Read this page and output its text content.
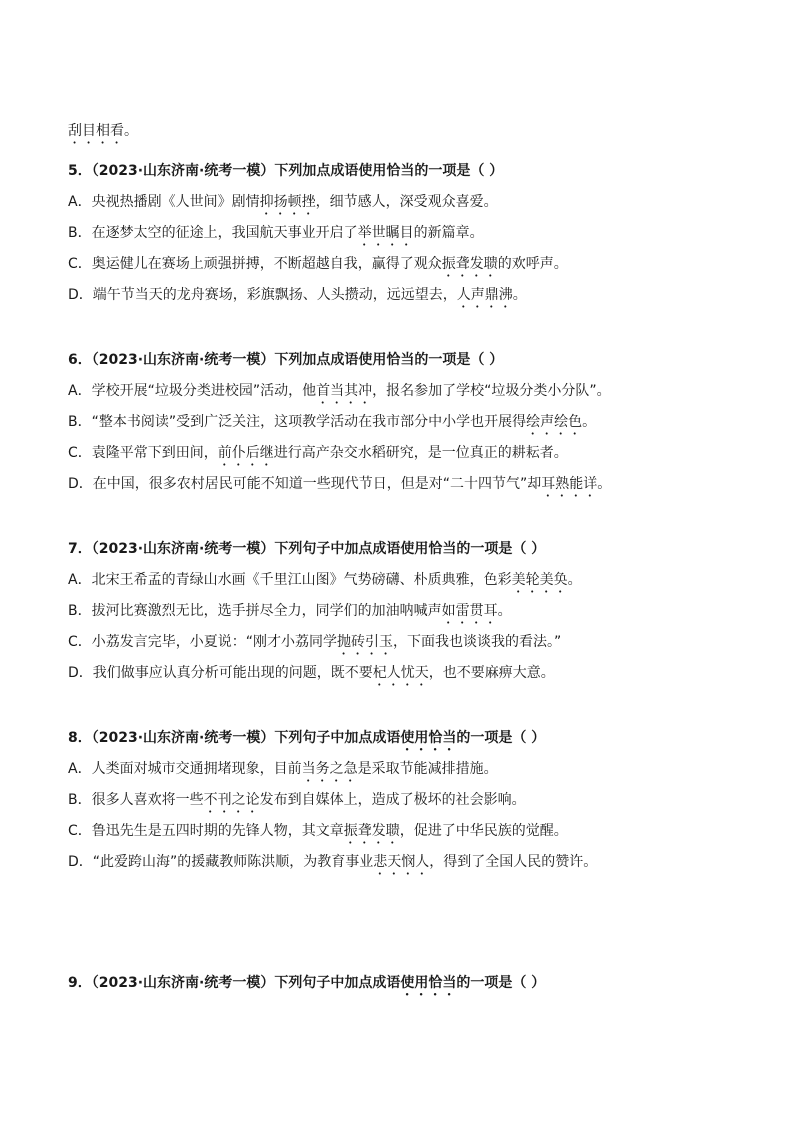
刮目相看。
5．（2023·山东济南·统考一模）下列加点成语使用恰当的一项是（ ）
A．央视热播剧《人世间》剧情抑扬顿挫，细节感人，深受观众喜爱。
B．在逐梦太空的征途上，我国航天事业开启了举世瞩目的新篇章。
C．奥运健儿在赛场上顽强拼搏，不断超越自我，赢得了观众振聋发聩的欢呼声。
D．端午节当天的龙舟赛场，彩旗飘扬、人头攒动，远远望去，人声鼎沸。
6．（2023·山东济南·统考一模）下列加点成语使用恰当的一项是（ ）
A．学校开展“垃圾分类进校园”活动，他首当其冲，报名参加了学校“垃圾分类小分队”。
B．“整本书阅读”受到广泛关注，这项教学活动在我市部分中小学也开展得绘声绘色。
C．袁隆平常下到田间，前仆后继进行高产杂交水稻研究，是一位真正的耕耘者。
D．在中国，很多农村居民可能不知道一些现代节日，但是对“二十四节气”却耳熟能详。
7．（2023·山东济南·统考一模）下列句子中加点成语使用恰当的一项是（ ）
A．北宋王希孟的青绿山水画《千里江山图》气势磅礴、朴质典雅，色彩美轮美奂。
B．拔河比赛激烈无比，选手拼尽全力，同学们的加油呐喊声如雷贯耳。
C．小荔发言完毕，小夏说：“刚才小荔同学抛砖引玉，下面我也谈谈我的看法。”
D．我们做事应认真分析可能出现的问题，既不要杞人忧天，也不要麻痹大意。
8．（2023·山东济南·统考一模）下列句子中加点成语使用恰当的一项是（ ）
A．人类面对城市交通拥堵现象，目前当务之急是采取节能减排措施。
B．很多人喜欢将一些不刊之论发布到自媒体上，造成了极坏的社会影响。
C．鲁迅先生是五四时期的先锋人物，其文章振聋发聩，促进了中华民族的觉醒。
D．“此爱跨山海”的援藏教师陈洪顺，为教育事业悲天悯人，得到了全国人民的赞许。
9．（2023·山东济南·统考一模）下列句子中加点成语使用恰当的一项是（ ）
